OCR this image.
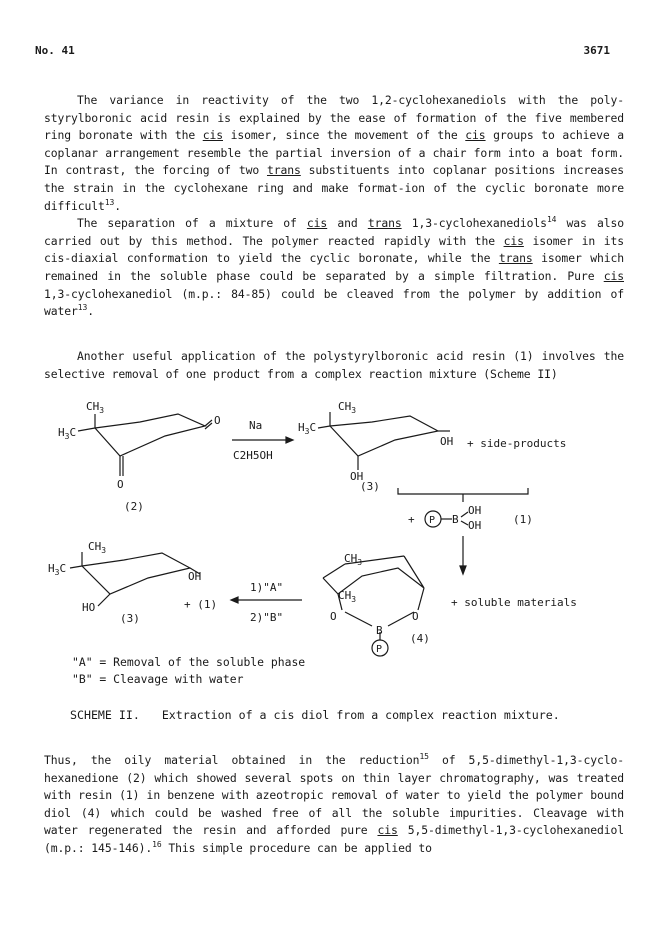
No. 41	3671

The variance in reactivity of the two 1,2-cyclohexanediols with the poly-styrylboronic acid resin is explained by the ease of formation of the five membered ring boronate with the cis isomer, since the movement of the cis groups to achieve a coplanar arrangement resemble the partial inversion of a chair form into a boat form. In contrast, the forcing of two trans substituents into coplanar positions increases the strain in the cyclohexane ring and make format-ion of the cyclic boronate more difficult$^{13}$.

The separation of a mixture of cis and trans 1,3-cyclohexanediols$^{14}$ was also carried out by this method. The polymer reacted rapidly with the cis isomer in its cis-diaxial conformation to yield the cyclic boronate, while the trans isomer which remained in the soluble phase could be separated by a simple filtration. Pure cis 1,3-cyclohexanediol (m.p.: 84-85) could be cleaved from the polymer by addition of water$^{13}$.

Another useful application of the polystyrylboronic acid resin (1) involves the selective removal of one product from a complex reaction mixture (Scheme II)

$CH_3$
$H_3C$
O
O
(2)
Na
C2H5OH
$CH_3$
$H_3C$
OH
OH
(3)
+ side-products
+ P B
OH
OH	(1)
$CH_3$
$H_3C$
OH
HO
(3)
+ (1)
1)"A"
2)"B"
$CH_3$
$CH_3$
O	O
B
P
(4)
+ soluble materials
"A" = Removal of the soluble phase
"B" = Cleavage with water
SCHEME II. Extraction of a cis diol from a complex reaction mixture.

Thus, the oily material obtained in the reduction$^{15}$ of 5,5-dimethyl-1,3-cyclo-hexanedione (2) which showed several spots on thin layer chromatography, was treated with resin (1) in benzene with azeotropic removal of water to yield the polymer bound diol (4) which could be washed free of all the soluble impurities. Cleavage with water regenerated the resin and afforded pure cis 5,5-dimethyl-1,3-cyclohexanediol (m.p.: 145-146).$^{16}$ This simple procedure can be applied to
